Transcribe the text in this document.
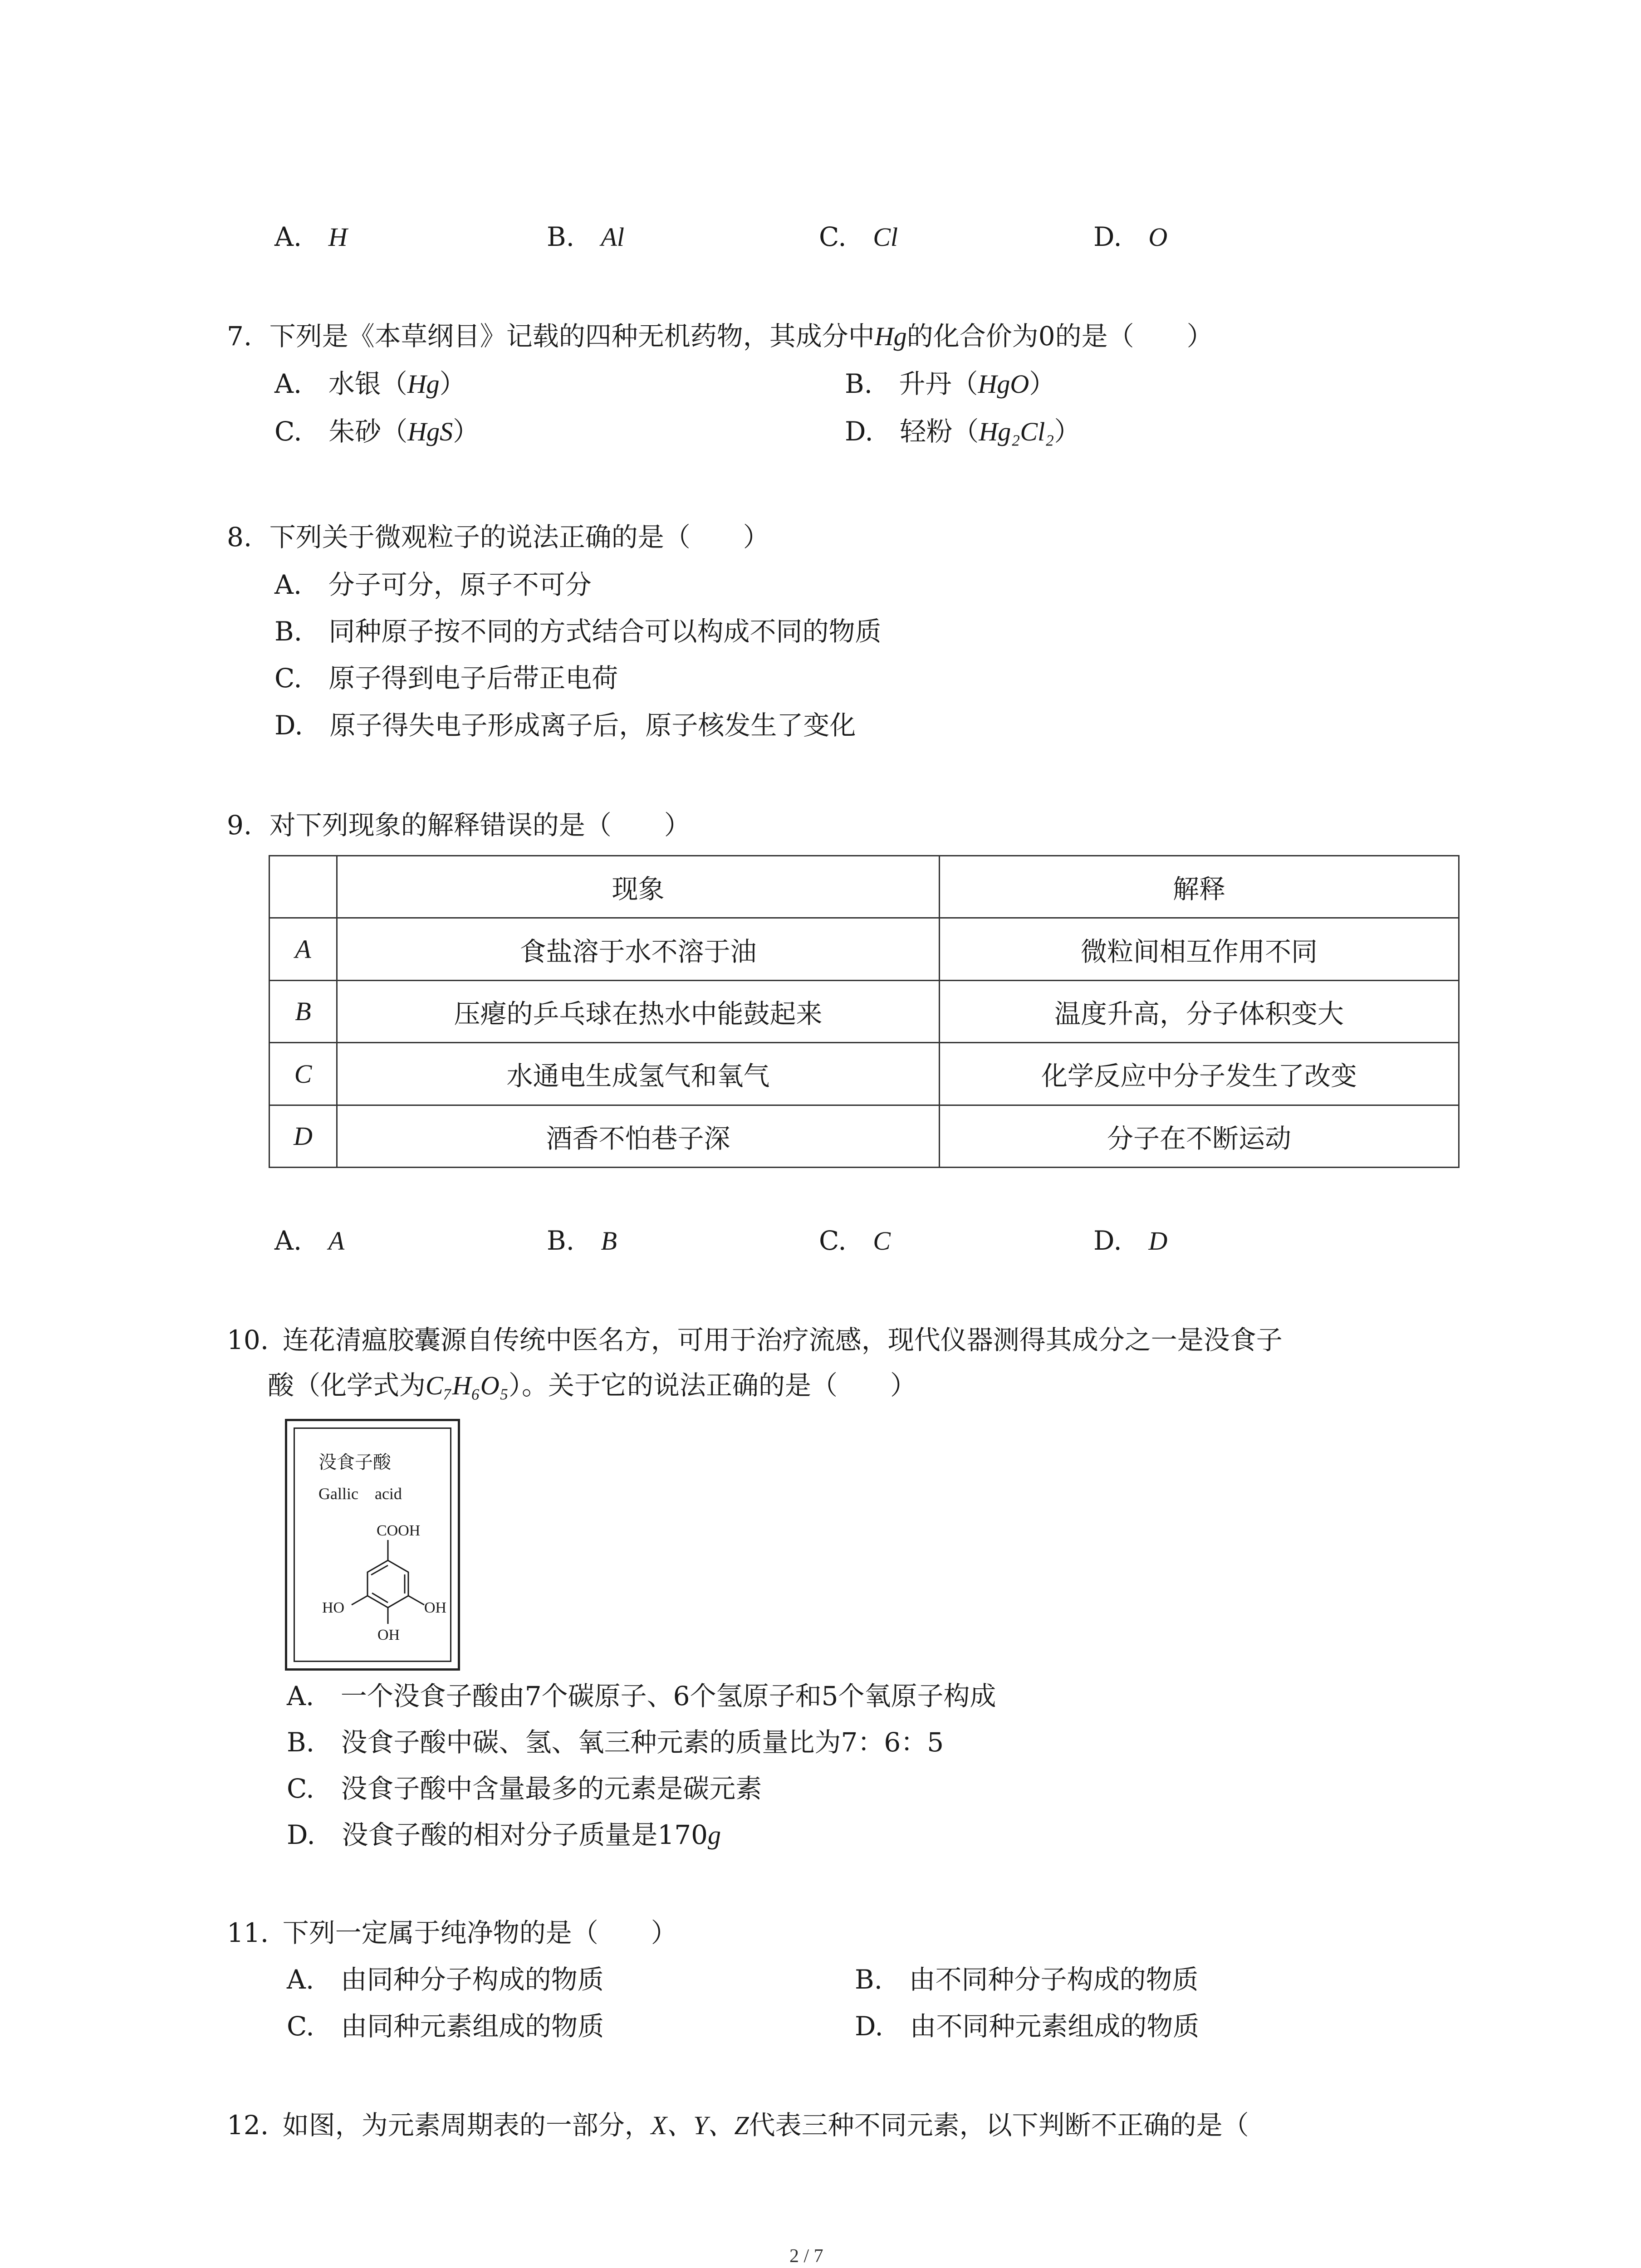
A. H	B. Al	C. Cl	D. O
7. 下列是《本草纲目》记载的四种无机药物，其成分中Hg的化合价为0的是（　　）
A. 水银（Hg）	B. 升丹（HgO）
C. 朱砂（HgS）	D. 轻粉（Hg₂Cl₂）
8. 下列关于微观粒子的说法正确的是（　　）
A. 分子可分，原子不可分
B. 同种原子按不同的方式结合可以构成不同的物质
C. 原子得到电子后带正电荷
D. 原子得失电子形成离子后，原子核发生了变化
9. 对下列现象的解释错误的是（　　）
	现象	解释
A	食盐溶于水不溶于油	微粒间相互作用不同
B	压瘪的乒乓球在热水中能鼓起来	温度升高，分子体积变大
C	水通电生成氢气和氧气	化学反应中分子发生了改变
D	酒香不怕巷子深	分子在不断运动
A. A	B. B	C. C	D. D
10. 连花清瘟胶囊源自传统中医名方，可用于治疗流感，现代仪器测得其成分之一是没食子
酸（化学式为C₇H₆O₅）。关于它的说法正确的是（　　）
没食子酸
Gallic　acid
COOH
HO	OH
OH
A. 一个没食子酸由7个碳原子、6个氢原子和5个氧原子构成
B. 没食子酸中碳、氢、氧三种元素的质量比为7：6：5
C. 没食子酸中含量最多的元素是碳元素
D. 没食子酸的相对分子质量是170g
11. 下列一定属于纯净物的是（　　）
A. 由同种分子构成的物质	B. 由不同种分子构成的物质
C. 由同种元素组成的物质	D. 由不同种元素组成的物质
12. 如图，为元素周期表的一部分，X、Y、Z代表三种不同元素，以下判断不正确的是（
2 / 7
